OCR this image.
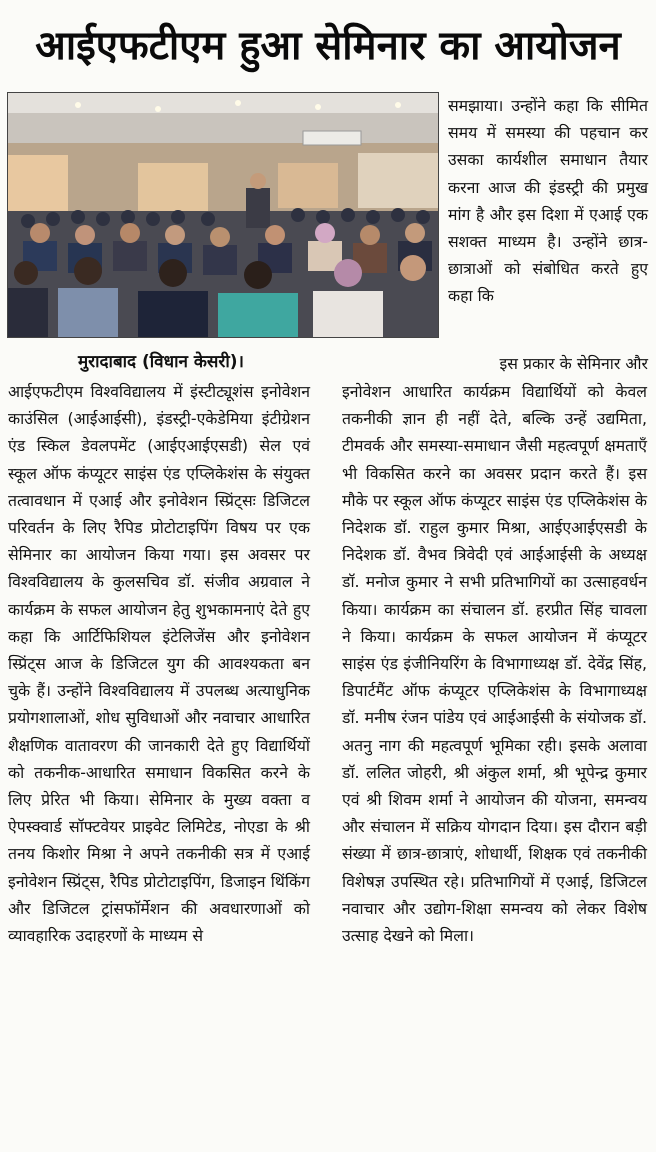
आईएफटीएम हुआ सेमिनार का आयोजन
समझाया। उन्होंने कहा कि सीमित समय में समस्या की पहचान कर उसका कार्यशील समाधान तैयार करना आज की इंडस्ट्री की प्रमुख मांग है और इस दिशा में एआई एक सशक्त माध्यम है। उन्होंने छात्र-छात्राओं को संबोधित करते हुए कहा कि
मुरादाबाद (विधान केसरी)।	इस प्रकार के सेमिनार और
आईएफटीएम विश्वविद्यालय में इंस्टीट्यूशंस इनोवेशन काउंसिल (आईआईसी), इंडस्ट्री-एकेडेमिया इंटीग्रेशन एंड स्किल डेवलपमेंट (आईएआईएसडी) सेल एवं स्कूल ऑफ कंप्यूटर साइंस एंड एप्लिकेशंस के संयुक्त तत्वावधान में एआई और इनोवेशन स्प्रिंट्सः डिजिटल परिवर्तन के लिए रैपिड प्रोटोटाइपिंग विषय पर एक सेमिनार का आयोजन किया गया। इस अवसर पर विश्वविद्यालय के कुलसचिव डॉ. संजीव अग्रवाल ने कार्यक्रम के सफल आयोजन हेतु शुभकामनाएं देते हुए कहा कि आर्टिफिशियल इंटेलिजेंस और इनोवेशन स्प्रिंट्स आज के डिजिटल युग की आवश्यकता बन चुके हैं। उन्होंने विश्वविद्यालय में उपलब्ध अत्याधुनिक प्रयोगशालाओं, शोध सुविधाओं और नवाचार आधारित शैक्षणिक वातावरण की जानकारी देते हुए विद्यार्थियों को तकनीक-आधारित समाधान विकसित करने के लिए प्रेरित भी किया। सेमिनार के मुख्य वक्ता व ऐपस्क्वार्ड सॉफ्टवेयर प्राइवेट लिमिटेड, नोएडा के श्री तनय किशोर मिश्रा ने अपने तकनीकी सत्र में एआई इनोवेशन स्प्रिंट्स, रैपिड प्रोटोटाइपिंग, डिजाइन थिंकिंग और डिजिटल ट्रांसफॉर्मेशन की अवधारणाओं को व्यावहारिक उदाहरणों के माध्यम से
इनोवेशन आधारित कार्यक्रम विद्यार्थियों को केवल तकनीकी ज्ञान ही नहीं देते, बल्कि उन्हें उद्यमिता, टीमवर्क और समस्या-समाधान जैसी महत्वपूर्ण क्षमताएँ भी विकसित करने का अवसर प्रदान करते हैं। इस मौके पर स्कूल ऑफ कंप्यूटर साइंस एंड एप्लिकेशंस के निदेशक डॉ. राहुल कुमार मिश्रा, आईएआईएसडी के निदेशक डॉ. वैभव त्रिवेदी एवं आईआईसी के अध्यक्ष डॉ. मनोज कुमार ने सभी प्रतिभागियों का उत्साहवर्धन किया। कार्यक्रम का संचालन डॉ. हरप्रीत सिंह चावला ने किया। कार्यक्रम के सफल आयोजन में कंप्यूटर साइंस एंड इंजीनियरिंग के विभागाध्यक्ष डॉ. देवेंद्र सिंह, डिपार्टमैंट ऑफ कंप्यूटर एप्लिकेशंस के विभागाध्यक्ष डॉ. मनीष रंजन पांडेय एवं आईआईसी के संयोजक डॉ. अतनु नाग की महत्वपूर्ण भूमिका रही। इसके अलावा डॉ. ललित जोहरी, श्री अंकुल शर्मा, श्री भूपेन्द्र कुमार एवं श्री शिवम शर्मा ने आयोजन की योजना, समन्वय और संचालन में सक्रिय योगदान दिया। इस दौरान बड़ी संख्या में छात्र-छात्राएं, शोधार्थी, शिक्षक एवं तकनीकी विशेषज्ञ उपस्थित रहे। प्रतिभागियों में एआई, डिजिटल नवाचार और उद्योग-शिक्षा समन्वय को लेकर विशेष उत्साह देखने को मिला।
